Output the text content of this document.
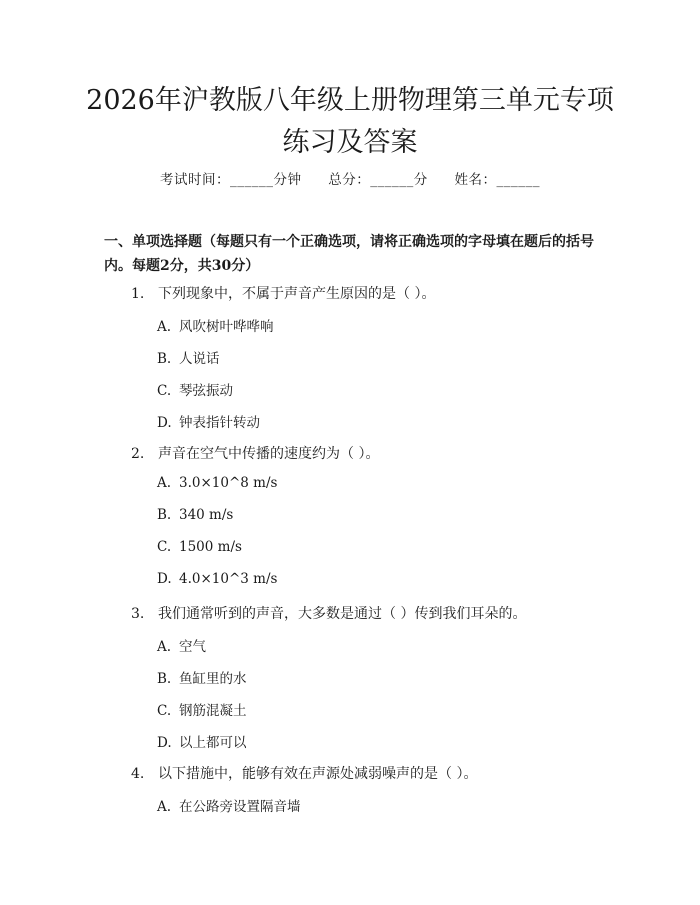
2026年沪教版八年级上册物理第三单元专项
练习及答案
考试时间：______分钟 总分：______分 姓名：______
一、单项选择题（每题只有一个正确选项，请将正确选项的字母填在题后的括号内。每题2分，共30分）
1. 下列现象中，不属于声音产生原因的是（ ）。
A. 风吹树叶哗哗响
B. 人说话
C. 琴弦振动
D. 钟表指针转动
2. 声音在空气中传播的速度约为（ ）。
A. 3.0×10^8 m/s
B. 340 m/s
C. 1500 m/s
D. 4.0×10^3 m/s
3. 我们通常听到的声音，大多数是通过（ ）传到我们耳朵的。
A. 空气
B. 鱼缸里的水
C. 钢筋混凝土
D. 以上都可以
4. 以下措施中，能够有效在声源处减弱噪声的是（ ）。
A. 在公路旁设置隔音墙
